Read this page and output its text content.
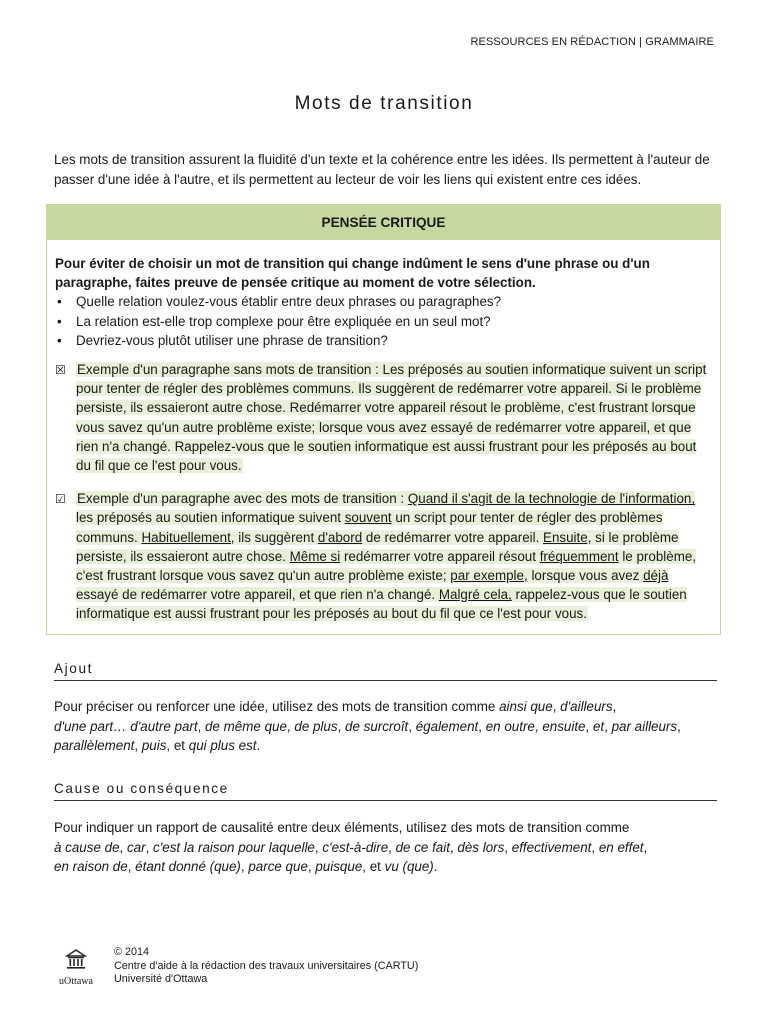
RESSOURCES EN RÉDACTION | GRAMMAIRE
Mots de transition
Les mots de transition assurent la fluidité d'un texte et la cohérence entre les idées. Ils permettent à l'auteur de passer d'une idée à l'autre, et ils permettent au lecteur de voir les liens qui existent entre ces idées.
PENSÉE CRITIQUE
Pour éviter de choisir un mot de transition qui change indûment le sens d'une phrase ou d'un paragraphe, faites preuve de pensée critique au moment de votre sélection.
• Quelle relation voulez-vous établir entre deux phrases ou paragraphes?
• La relation est-elle trop complexe pour être expliquée en un seul mot?
• Devriez-vous plutôt utiliser une phrase de transition?
☒ Exemple d'un paragraphe sans mots de transition : Les préposés au soutien informatique suivent un script pour tenter de régler des problèmes communs. Ils suggèrent de redémarrer votre appareil. Si le problème persiste, ils essaieront autre chose. Redémarrer votre appareil résout le problème, c'est frustrant lorsque vous savez qu'un autre problème existe; lorsque vous avez essayé de redémarrer votre appareil, et que rien n'a changé. Rappelez-vous que le soutien informatique est aussi frustrant pour les préposés au bout du fil que ce l'est pour vous.
☑ Exemple d'un paragraphe avec des mots de transition : Quand il s'agit de la technologie de l'information, les préposés au soutien informatique suivent souvent un script pour tenter de régler des problèmes communs. Habituellement, ils suggèrent d'abord de redémarrer votre appareil. Ensuite, si le problème persiste, ils essaieront autre chose. Même si redémarrer votre appareil résout fréquemment le problème, c'est frustrant lorsque vous savez qu'un autre problème existe; par exemple, lorsque vous avez déjà essayé de redémarrer votre appareil, et que rien n'a changé. Malgré cela, rappelez-vous que le soutien informatique est aussi frustrant pour les préposés au bout du fil que ce l'est pour vous.
Ajout
Pour préciser ou renforcer une idée, utilisez des mots de transition comme ainsi que, d'ailleurs,
d'une part… d'autre part, de même que, de plus, de surcroît, également, en outre, ensuite, et, par ailleurs,
parallèlement, puis, et qui plus est.
Cause ou conséquence
Pour indiquer un rapport de causalité entre deux éléments, utilisez des mots de transition comme
à cause de, car, c'est la raison pour laquelle, c'est-à-dire, de ce fait, dès lors, effectivement, en effet,
en raison de, étant donné (que), parce que, puisque, et vu (que).
uOttawa
© 2014
Centre d'aide à la rédaction des travaux universitaires (CARTU)
Université d'Ottawa
